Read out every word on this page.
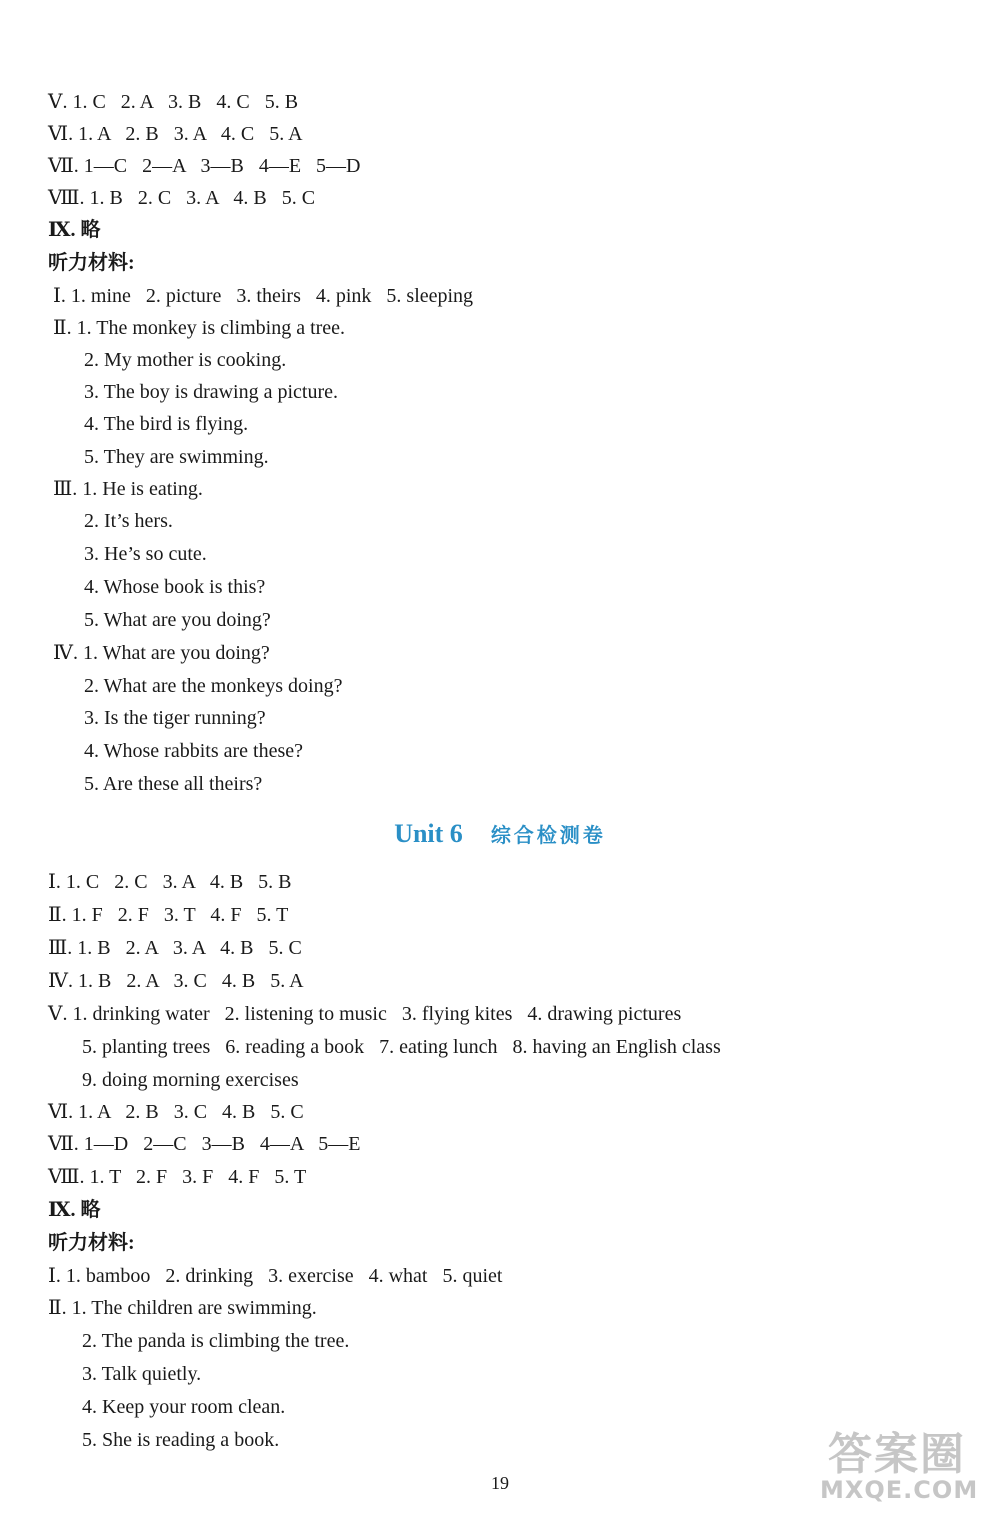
Ⅴ. 1. C   2. A   3. B   4. C   5. B
Ⅵ. 1. A   2. B   3. A   4. C   5. A
Ⅶ. 1—C   2—A   3—B   4—E   5—D
Ⅷ. 1. B   2. C   3. A   4. B   5. C
Ⅸ. 略
听力材料:
Ⅰ. 1. mine   2. picture   3. theirs   4. pink   5. sleeping
Ⅱ. 1. The monkey is climbing a tree.
2. My mother is cooking.
3. The boy is drawing a picture.
4. The bird is flying.
5. They are swimming.
Ⅲ. 1. He is eating.
2. It’s hers.
3. He’s so cute.
4. Whose book is this?
5. What are you doing?
Ⅳ. 1. What are you doing?
2. What are the monkeys doing?
3. Is the tiger running?
4. Whose rabbits are these?
5. Are these all theirs?
Unit 6 综合检测卷
Ⅰ. 1. C   2. C   3. A   4. B   5. B
Ⅱ. 1. F   2. F   3. T   4. F   5. T
Ⅲ. 1. B   2. A   3. A   4. B   5. C
Ⅳ. 1. B   2. A   3. C   4. B   5. A
Ⅴ. 1. drinking water   2. listening to music   3. flying kites   4. drawing pictures
5. planting trees   6. reading a book   7. eating lunch   8. having an English class
9. doing morning exercises
Ⅵ. 1. A   2. B   3. C   4. B   5. C
Ⅶ. 1—D   2—C   3—B   4—A   5—E
Ⅷ. 1. T   2. F   3. F   4. F   5. T
Ⅸ. 略
听力材料:
Ⅰ. 1. bamboo   2. drinking   3. exercise   4. what   5. quiet
Ⅱ. 1. The children are swimming.
2. The panda is climbing the tree.
3. Talk quietly.
4. Keep your room clean.
5. She is reading a book.
19
答案圈
MXQE.COM
